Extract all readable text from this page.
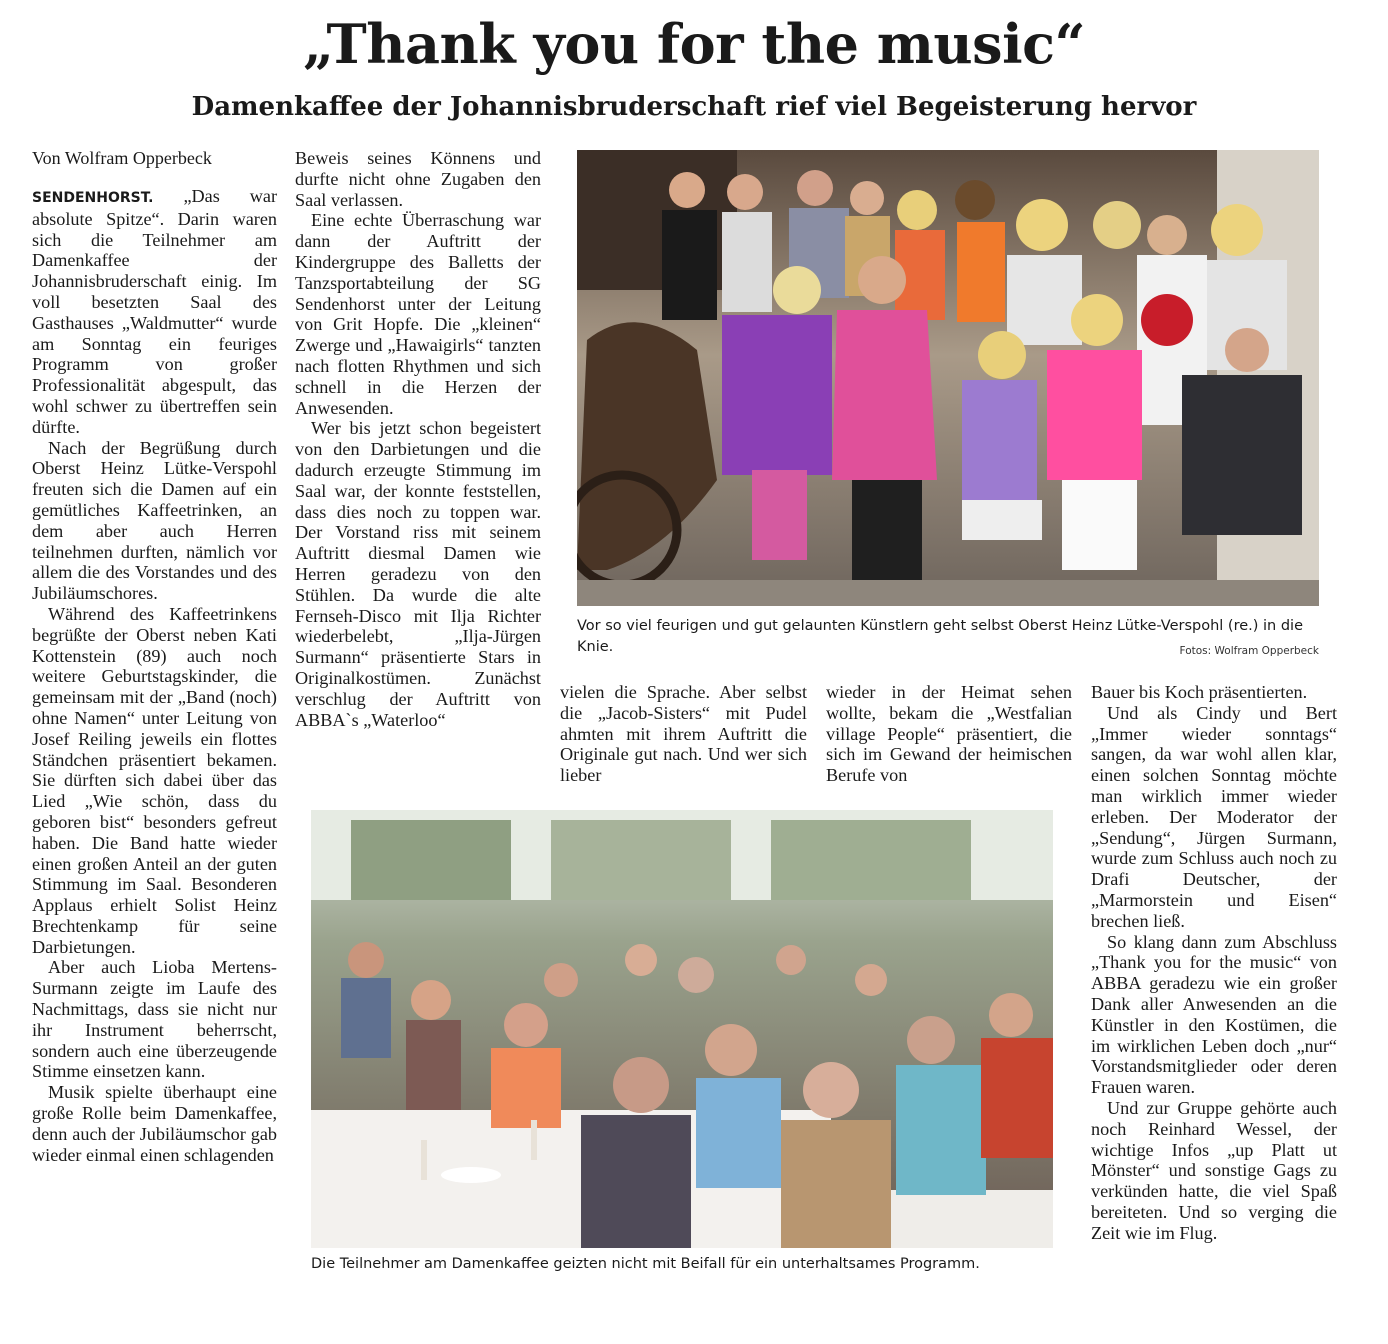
„Thank you for the music“
Damenkaffee der Johannisbruderschaft rief viel Begeisterung hervor
Von Wolfram Opperbeck

SENDENHORST. „Das war absolute Spitze“. Darin waren sich die Teilnehmer am Damenkaffee der Johannisbruderschaft einig. Im voll besetzten Saal des Gasthauses „Waldmutter“ wurde am Sonntag ein feuriges Programm von großer Professionalität abgespult, das wohl schwer zu übertreffen sein dürfte.

Nach der Begrüßung durch Oberst Heinz Lütke-Verspohl freuten sich die Damen auf ein gemütliches Kaffeetrinken, an dem aber auch Herren teilnehmen durften, nämlich vor allem die des Vorstandes und des Jubiläumschores.

Während des Kaffeetrinkens begrüßte der Oberst neben Kati Kottenstein (89) auch noch weitere Geburtstagskinder, die gemeinsam mit der „Band (noch) ohne Namen“ unter Leitung von Josef Reiling jeweils ein flottes Ständchen präsentiert bekamen. Sie dürften sich dabei über das Lied „Wie schön, dass du geboren bist“ besonders gefreut haben. Die Band hatte wieder einen großen Anteil an der guten Stimmung im Saal. Besonderen Applaus erhielt Solist Heinz Brechtenkamp für seine Darbietungen.

Aber auch Lioba Mertens-Surmann zeigte im Laufe des Nachmittags, dass sie nicht nur ihr Instrument beherrscht, sondern auch eine überzeugende Stimme einsetzen kann.

Musik spielte überhaupt eine große Rolle beim Damenkaffee, denn auch der Jubiläumschor gab wieder einmal einen schlagenden

Beweis seines Könnens und durfte nicht ohne Zugaben den Saal verlassen.

Eine echte Überraschung war dann der Auftritt der Kindergruppe des Balletts der Tanzsportabteilung der SG Sendenhorst unter der Leitung von Grit Hopfe. Die „kleinen“ Zwerge und „Hawaigirls“ tanzten nach flotten Rhythmen und sich schnell in die Herzen der Anwesenden.

Wer bis jetzt schon begeistert von den Darbietungen und die dadurch erzeugte Stimmung im Saal war, der konnte feststellen, dass dies noch zu toppen war. Der Vorstand riss mit seinem Auftritt diesmal Damen wie Herren geradezu von den Stühlen. Da wurde die alte Fernseh-Disco mit Ilja Richter wiederbelebt, „Ilja-Jürgen Surmann“ präsentierte Stars in Originalkostümen. Zunächst verschlug der Auftritt von ABBA`s „Waterloo“

vielen die Sprache. Aber selbst die „Jacob-Sisters“ mit Pudel ahmten mit ihrem Auftritt die Originale gut nach. Und wer sich lieber

wieder in der Heimat sehen wollte, bekam die „Westfalian village People“ präsentiert, die sich im Gewand der heimischen Berufe von

Bauer bis Koch präsentierten.

Und als Cindy und Bert „Immer wieder sonntags“ sangen, da war wohl allen klar, einen solchen Sonntag möchte man wirklich immer wieder erleben. Der Moderator der „Sendung“, Jürgen Surmann, wurde zum Schluss auch noch zu Drafi Deutscher, der „Marmorstein und Eisen“ brechen ließ.

So klang dann zum Abschluss „Thank you for the music“ von ABBA geradezu wie ein großer Dank aller Anwesenden an die Künstler in den Kostümen, die im wirklichen Leben doch „nur“ Vorstandsmitglieder oder deren Frauen waren.

Und zur Gruppe gehörte auch noch Reinhard Wessel, der wichtige Infos „up Platt ut Mönster“ und sonstige Gags zu verkünden hatte, die viel Spaß bereiteten. Und so verging die Zeit wie im Flug.

Vor so viel feurigen und gut gelaunten Künstlern geht selbst Oberst Heinz Lütke-Verspohl (re.) in die Knie.	Fotos: Wolfram Opperbeck
Die Teilnehmer am Damenkaffee geizten nicht mit Beifall für ein unterhaltsames Programm.
